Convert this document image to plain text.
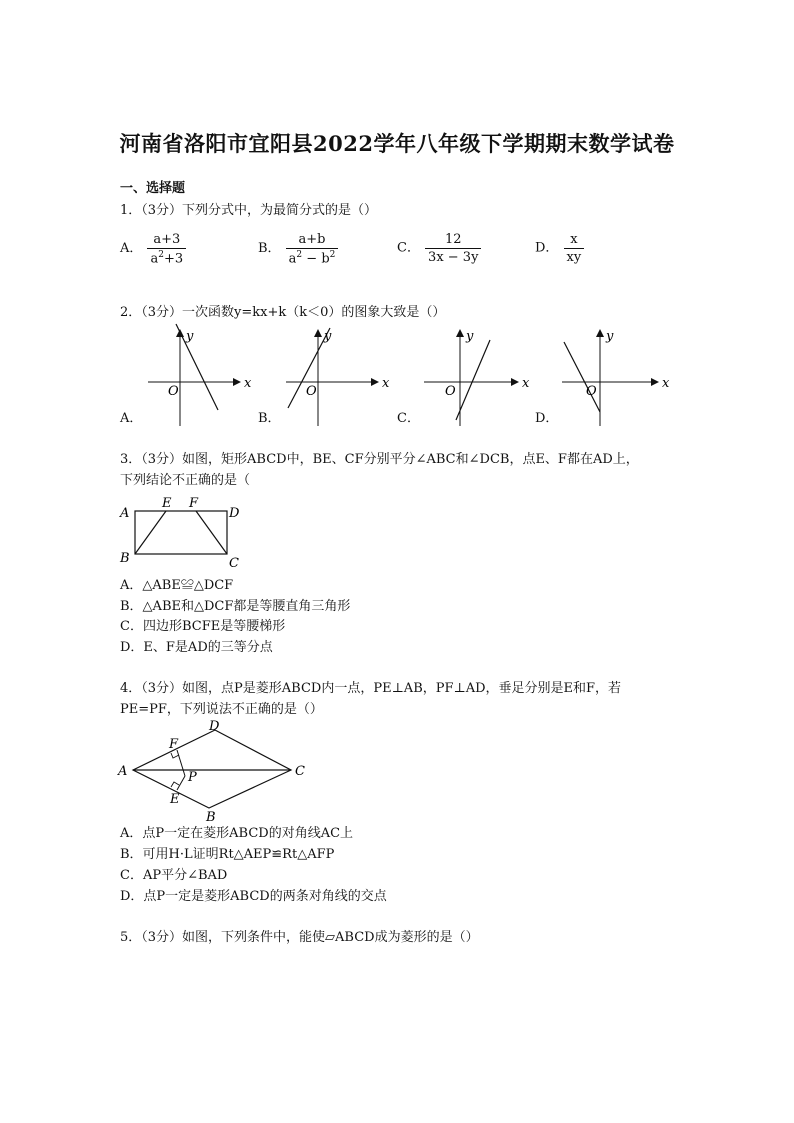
河南省洛阳市宜阳县2022学年八年级下学期期末数学试卷
一、选择题
1．（3分）下列分式中，为最简分式的是（）
A． $\frac{a+3}{a^2+3}$	B． $\frac{a+b}{a^2 - b^2}$	C． $\frac{12}{3x - 3y}$	D． $\frac{x}{xy}$
2．（3分）一次函数y=kx+k（k＜0）的图象大致是（）
x
y
O
x
y
O
x
y
O
x
y
O
A．	B．	C．	D．
3．（3分）如图，矩形ABCD中，BE、CF分别平分∠ABC和∠DCB，点E、F都在AD上，
下列结论不正确的是（
A
B	C
D
E F
A．△ABE≌△DCF
B．△ABE和△DCF都是等腰直角三角形
C．四边形BCFE是等腰梯形
D．E、F是AD的三等分点
4．（3分）如图，点P是菱形ABCD内一点，PE⊥AB，PF⊥AD，垂足分别是E和F，若
PE=PF，下列说法不正确的是（）
A
D
C
B
F
E
P
A．点P一定在菱形ABCD的对角线AC上
B．可用H·L证明Rt△AEP≌Rt△AFP
C．AP平分∠BAD
D．点P一定是菱形ABCD的两条对角线的交点
5．（3分）如图，下列条件中，能使▱ABCD成为菱形的是（）
